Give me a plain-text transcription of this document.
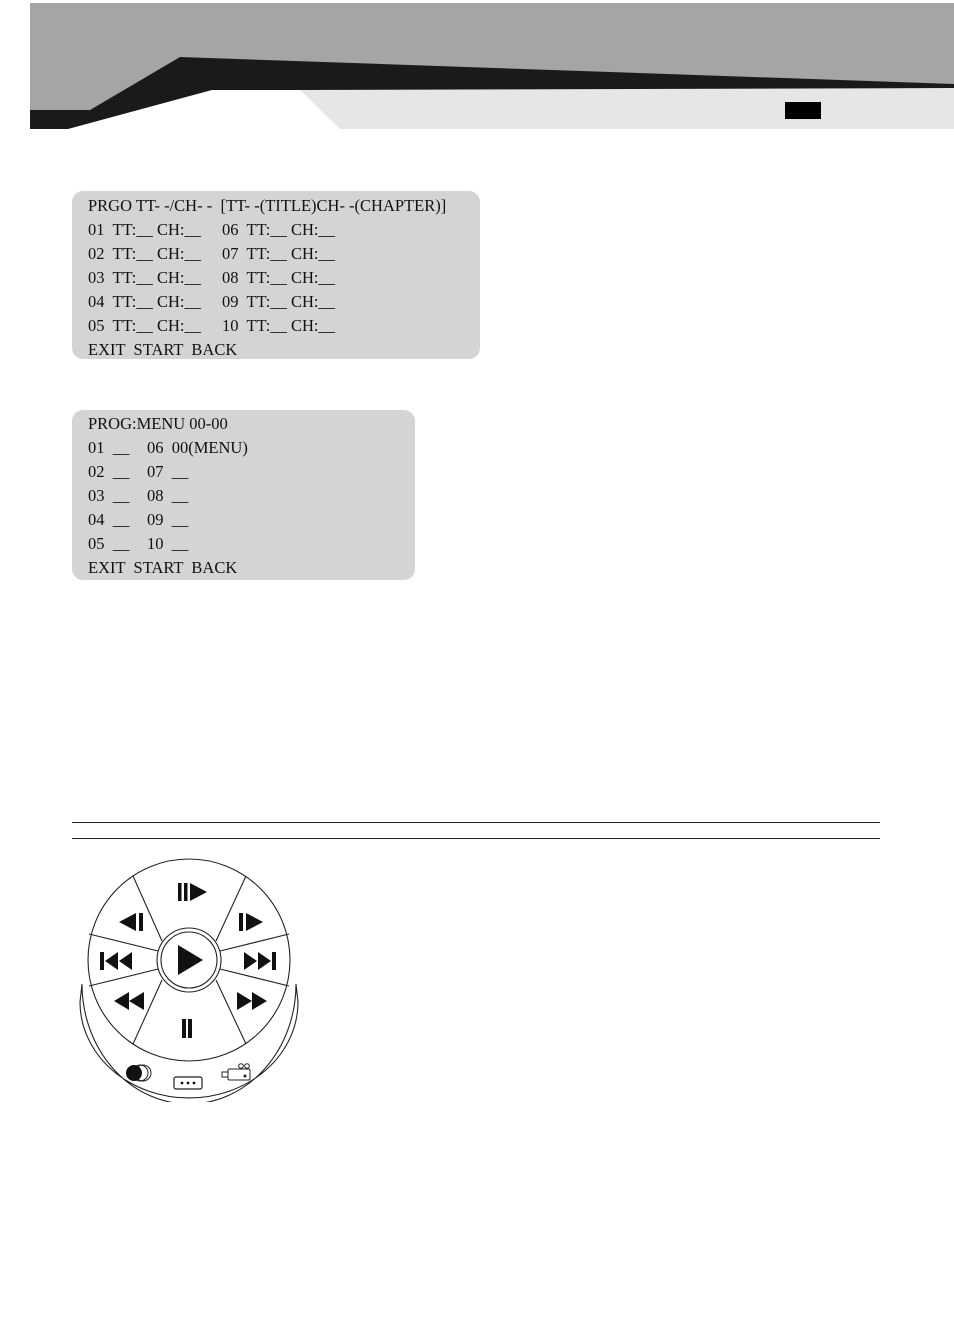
PRGO TT- -/CH- -  [TT- -(TITLE)CH- -(CHAPTER)]
01  TT:__ CH:__ 06  TT:__ CH:__
02  TT:__ CH:__ 07  TT:__ CH:__
03  TT:__ CH:__ 08  TT:__ CH:__
04  TT:__ CH:__ 09  TT:__ CH:__
05  TT:__ CH:__ 10  TT:__ CH:__
EXIT  START  BACK
PROG:MENU 00-00
01  __ 06  00(MENU)
02  __ 07  __
03  __ 08  __
04  __ 09  __
05  __ 10  __
EXIT  START  BACK
